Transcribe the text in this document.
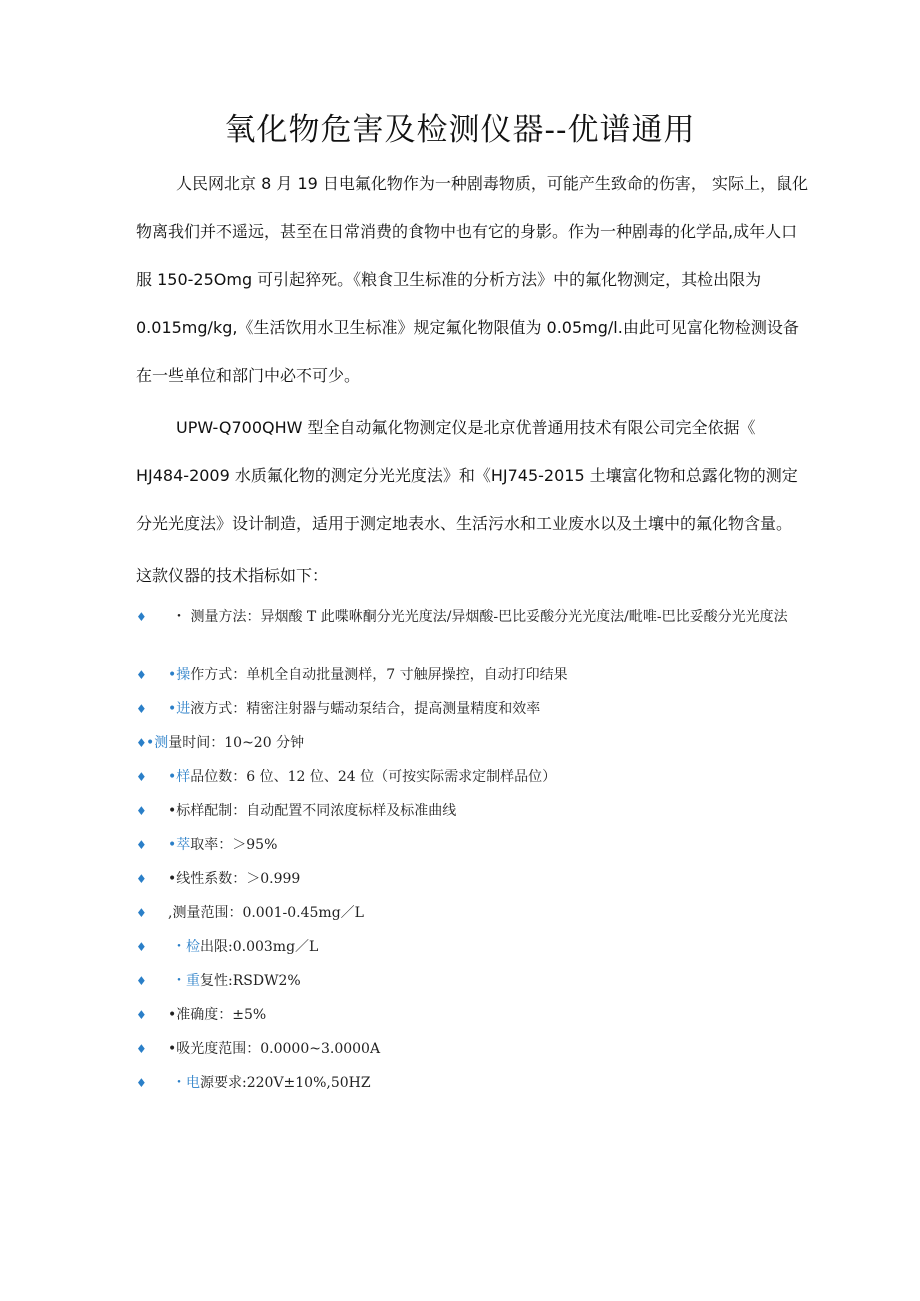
氧化物危害及检测仪器--优谱通用
人民网北京 8 月 19 日电氟化物作为一种剧毒物质，可能产生致命的伤害， 实际上，鼠化
物离我们并不遥远，甚至在日常消费的食物中也有它的身影。作为一种剧毒的化学品,成年人口
服 150-25Omg 可引起猝死。《粮食卫生标准的分析方法》中的氟化物测定，其检出限为
0.015mg∕kg,《生活饮用水卫生标准》规定氟化物限值为 0.05mg∕l.由此可见富化物检测设备
在一些单位和部门中必不可少。
UPW-Q700QHW 型全自动氟化物测定仪是北京优普通用技术有限公司完全依据《
HJ484-2009 水质氟化物的测定分光光度法》和《HJ745-2015 土壤富化物和总露化物的测定
分光光度法》设计制造，适用于测定地表水、生活污水和工业废水以及土壤中的氟化物含量。
这款仪器的技术指标如下：
♦ ・ 测量方法：异烟酸 T 此喋咻酮分光光度法/异烟酸-巴比妥酸分光光度法/毗唯-巴比妥酸分光光度法
♦ •操作方式：单机全自动批量测样，7 寸触屏操控，自动打印结果
♦ •进液方式：精密注射器与蠕动泵结合，提高测量精度和效率
♦ •测量时间：10~20 分钟
♦ •样品位数：6 位、12 位、24 位（可按实际需求定制样品位）
♦ •标样配制：自动配置不同浓度标样及标准曲线
♦ •萃取率：＞95%
♦ •线性系数：＞0.999
♦ ,测量范围：0.001-0.45mg／L
♦ ・检出限:0.003mg／L
♦ ・重复性:RSDW2%
♦ •准确度：±5%
♦ •吸光度范围：0.0000~3.0000A
♦ ・电源要求:220V±10%,50HZ
